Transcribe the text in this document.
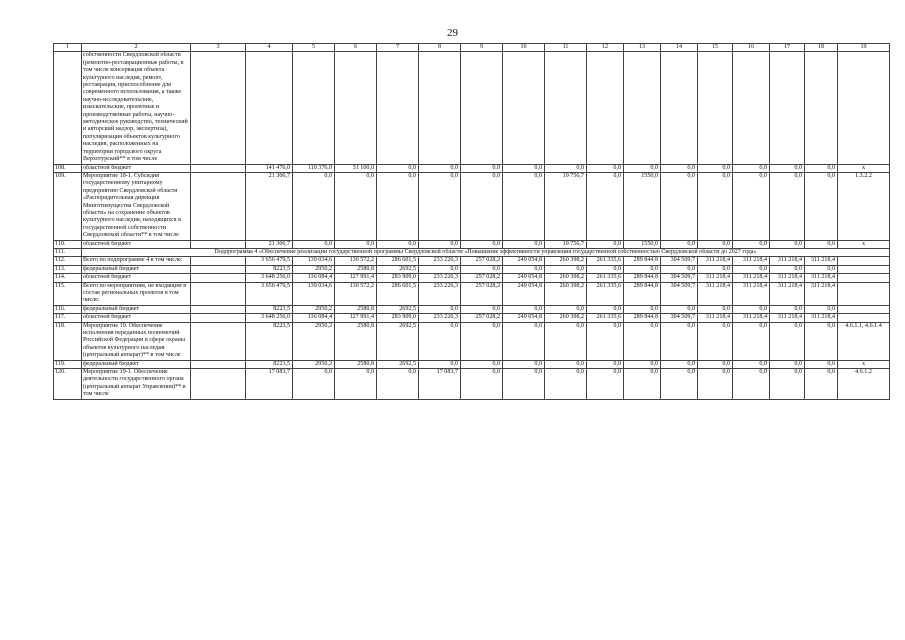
29
1	2	3	4	5	6	7	8	9	10	11	12	13	14	15	16	17	18	19
	собственности Свердловской области (ремонтно-реставрационные работы, в том числе консервация объекта культурного наследия, ремонт, реставрация, приспособление для современного использования, а также научно-исследовательские, изыскательские, проектные и производственные работы, научно-методическое руководство, технический и авторский надзор, экспертиза), популяризация объектов культурного наследия, расположенных на территории городского округа Верхотурский** в том числе																	
108.	областной бюджет		141 476,0	110 376,0	31 100,0	0,0	0,0	0,0	0,0	0,0	0,0	0,0	0,0	0,0	0,0	0,0	0,0	x
109.	Мероприятие 18-1. Субсидия государственному унитарному предприятию Свердловской области «Распорядительная дирекция Минготимущества Свердловской области» на сохранение объектов культурного наследия, находящихся в государственной собственности Свердловской области** в том числе		21 306,7	0,0	0,0	0,0	0,0	0,0	0,0	19 756,7	0,0	1550,0	0,0	0,0	0,0	0,0	0,0	1.3.2.2
110.	областной бюджет		21 306,7	0,0	0,0	0,0	0,0	0,0	0,0	19 756,7	0,0	1550,0	0,0	0,0	0,0	0,0	0,0	x
111.	Подпрограмма 4 «Обеспечение реализации государственной программы Свердловской области «Повышение эффективности управления государственной собственностью Свердловской области до 2027 года»																	
112.	Всего по подпрограмме 4 в том числе:		3 656 479,5	139 034,6	130 572,2	286 601,5	233 226,3	257 028,2	249 054,8	260 398,2	261 335,6	289 844,8	304 509,7	311 218,4	311 218,4	311 218,4	311 218,4	
113.	федеральный бюджет		8223,5	2950,2	2580,8	2692,5	0,0	0,0	0,0	0,0	0,0	0,0	0,0	0,0	0,0	0,0	0,0	
114.	областной бюджет		3 648 256,0	136 084,4	127 991,4	283 909,0	233 226,3	257 028,2	249 054,8	260 398,2	261 335,6	289 844,8	304 509,7	311 218,4	311 218,4	311 218,4	311 218,4	
115.	Всего по мероприятиям, не входящим в состав региональных проектов в том числе:		3 656 479,5	139 034,6	130 572,2	286 601,5	233 226,3	257 028,2	249 054,8	260 398,2	261 335,6	289 844,8	304 509,7	311 218,4	311 218,4	311 218,4	311 218,4	
116.	федеральный бюджет		8223,5	2950,2	2580,8	2692,5	0,0	0,0	0,0	0,0	0,0	0,0	0,0	0,0	0,0	0,0	0,0	
117.	областной бюджет		3 648 256,0	136 084,4	127 991,4	283 909,0	233 226,3	257 028,2	249 054,8	260 398,2	261 335,6	289 844,8	304 509,7	311 218,4	311 218,4	311 218,4	311 218,4	
118.	Мероприятие 19. Обеспечение исполнения переданных полномочий Российской Федерации в сфере охраны объектов культурного наследия (центральный аппарат)** в том числе		8223,5	2950,2	2580,8	2692,5	0,0	0,0	0,0	0,0	0,0	0,0	0,0	0,0	0,0	0,0	0,0	4.6.1.1, 4.6.1.4
119.	федеральный бюджет		8223,5	2950,2	2580,8	2692,5	0,0	0,0	0,0	0,0	0,0	0,0	0,0	0,0	0,0	0,0	0,0	x
120.	Мероприятие 19-1. Обеспечение деятельности государственного органа (центральный аппарат Управления)** в том числе		17 083,7	0,0	0,0	0,0	17 083,7	0,0	0,0	0,0	0,0	0,0	0,0	0,0	0,0	0,0	0,0	4.6.1.2
